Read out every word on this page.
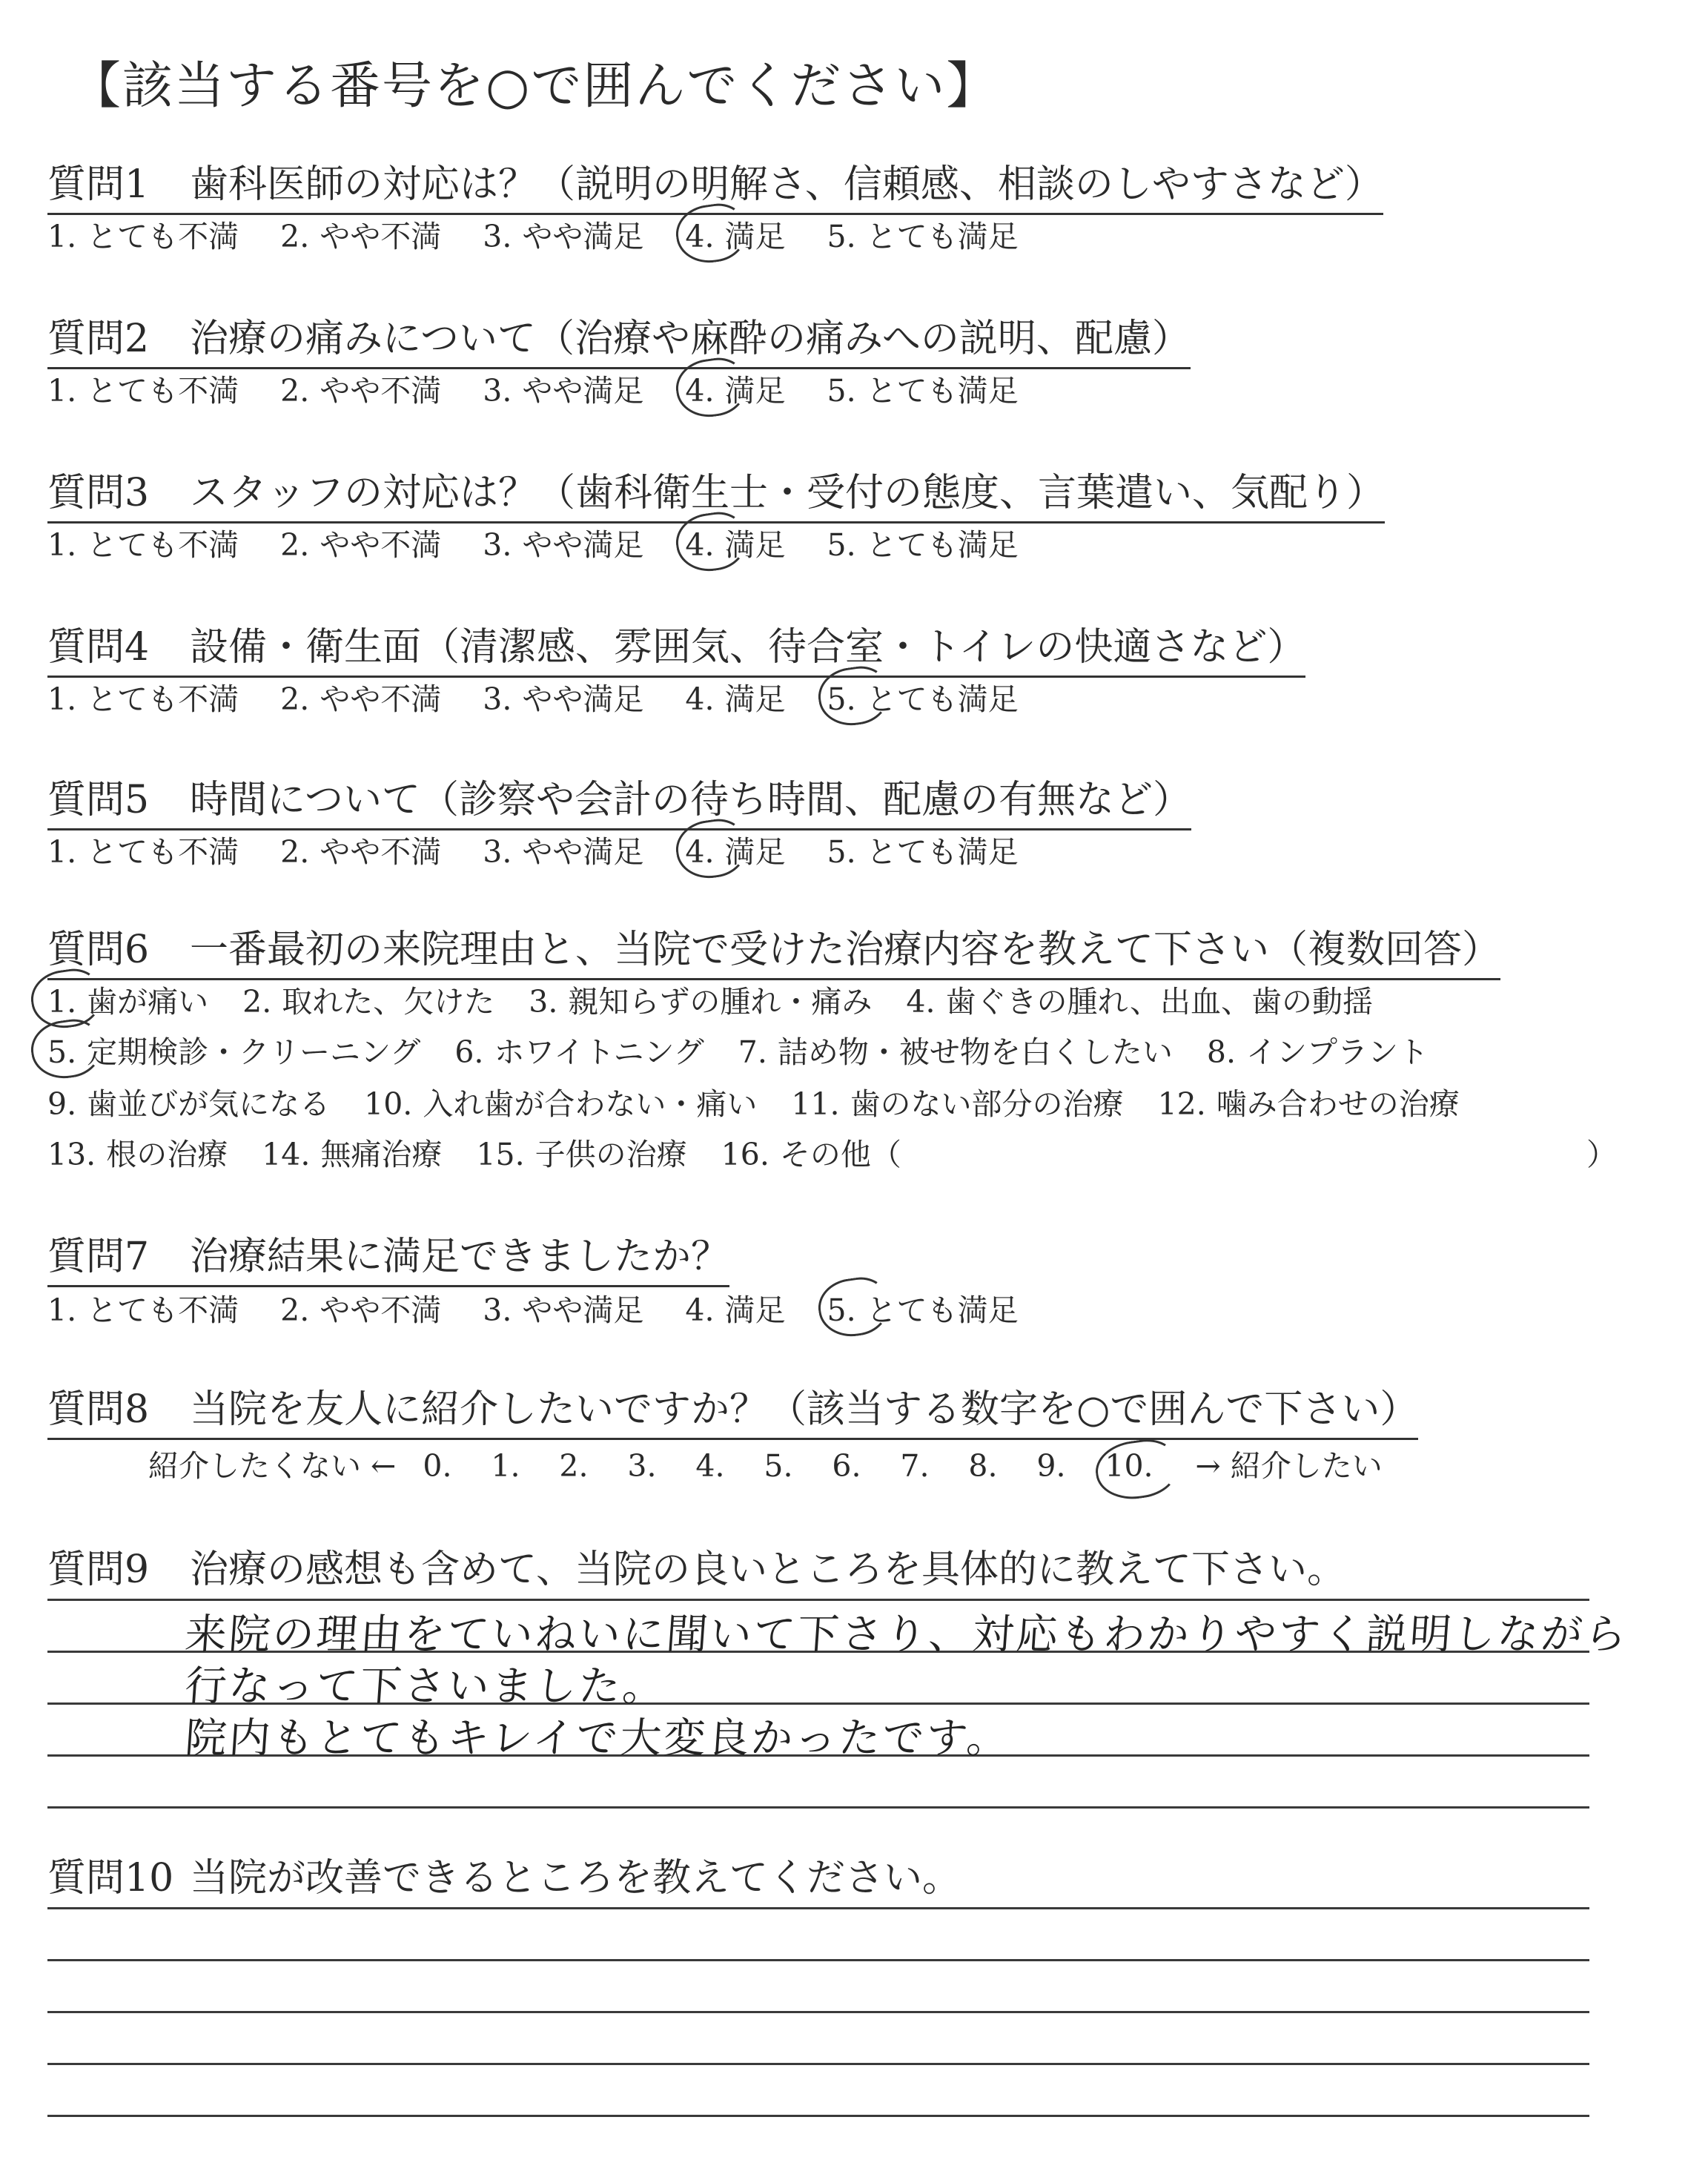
【該当する番号を○で囲んでください】
質問1 歯科医師の対応は？（説明の明解さ、信頼感、相談のしやすさなど）
1. とても不満 2. やや不満 3. やや満足 4. 満足 5. とても満足
質問2 治療の痛みについて（治療や麻酔の痛みへの説明、配慮）
1. とても不満 2. やや不満 3. やや満足 4. 満足 5. とても満足
質問3 スタッフの対応は？（歯科衛生士・受付の態度、言葉遣い、気配り）
1. とても不満 2. やや不満 3. やや満足 4. 満足 5. とても満足
質問4 設備・衛生面（清潔感、雰囲気、待合室・トイレの快適さなど）
1. とても不満 2. やや不満 3. やや満足 4. 満足 5. とても満足
質問5 時間について（診察や会計の待ち時間、配慮の有無など）
1. とても不満 2. やや不満 3. やや満足 4. 満足 5. とても満足
質問6 一番最初の来院理由と、当院で受けた治療内容を教えて下さい（複数回答）
1. 歯が痛い 2. 取れた、欠けた 3. 親知らずの腫れ・痛み 4. 歯ぐきの腫れ、出血、歯の動揺
5. 定期検診・クリーニング 6. ホワイトニング 7. 詰め物・被せ物を白くしたい 8. インプラント
9. 歯並びが気になる 10. 入れ歯が合わない・痛い 11. 歯のない部分の治療 12. 噛み合わせの治療
13. 根の治療 14. 無痛治療 15. 子供の治療 16. その他（	）
質問7 治療結果に満足できましたか？
1. とても不満 2. やや不満 3. やや満足 4. 満足 5. とても満足
質問8 当院を友人に紹介したいですか？（該当する数字を○で囲んで下さい）
紹介したくない ← 0. 1. 2. 3. 4. 5. 6. 7. 8. 9. 10. → 紹介したい
質問9 治療の感想も含めて、当院の良いところを具体的に教えて下さい。
来院の理由をていねいに聞いて下さり、対応もわかりやすく説明しながら
行なって下さいました。
院内もとてもキレイで大変良かったです。
質問10 当院が改善できるところを教えてください。
